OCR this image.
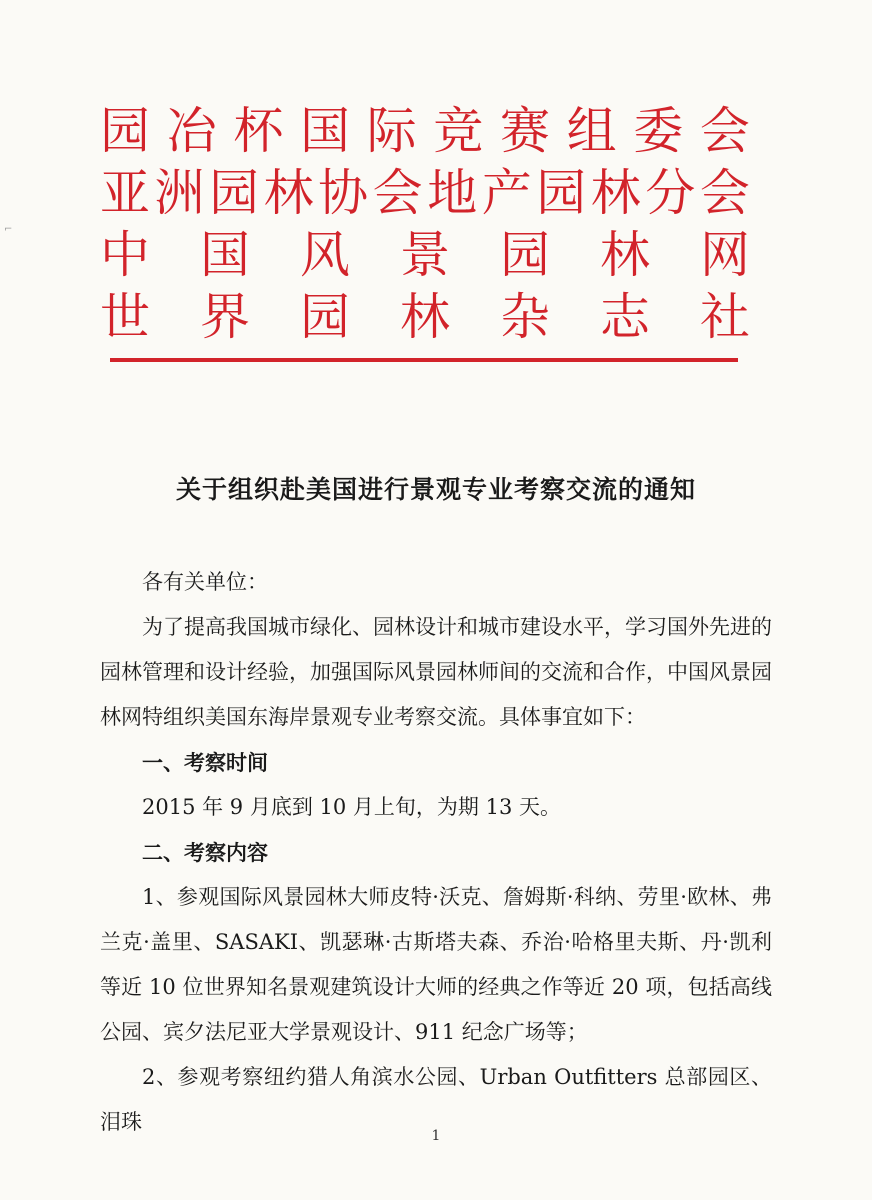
⌐
园 冶 杯 国 际 竞 赛 组 委 会
亚 洲 园 林 协 会 地 产 园 林 分 会
中 国 风 景 园 林 网
世 界 园 林 杂 志 社
关于组织赴美国进行景观专业考察交流的通知

各有关单位：

为了提高我国城市绿化、园林设计和城市建设水平，学习国外先进的园林管理和设计经验，加强国际风景园林师间的交流和合作，中国风景园林网特组织美国东海岸景观专业考察交流。具体事宜如下：

一、考察时间

2015 年 9 月底到 10 月上旬，为期 13 天。

二、考察内容

1、参观国际风景园林大师皮特·沃克、詹姆斯·科纳、劳里·欧林、弗兰克·盖里、SASAKI、凯瑟琳·古斯塔夫森、乔治·哈格里夫斯、丹·凯利等近 10 位世界知名景观建筑设计大师的经典之作等近 20 项，包括高线公园、宾夕法尼亚大学景观设计、911 纪念广场等；

2、参观考察纽约猎人角滨水公园、Urban Outfitters 总部园区、泪珠

1
